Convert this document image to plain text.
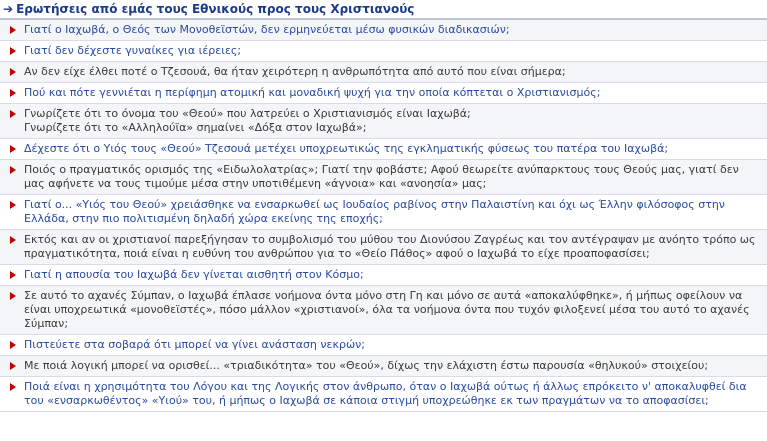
➔ Ερωτήσεις από εμάς τους Εθνικούς προς τους Χριστιανούς
Γιατί ο Ιαχωβά, ο Θεός των Μονοθεϊστών, δεν ερμηνεύεται μέσω φυσικών διαδικασιών;
Γιατί δεν δέχεστε γυναίκες για ιέρειες;
Αν δεν είχε έλθει ποτέ ο Τζεσουά, θα ήταν χειρότερη η ανθρωπότητα από αυτό που είναι σήμερα;
Πού και πότε γεννιέται η περίφημη ατομική και μοναδική ψυχή για την οποία κόπτεται ο Χριστιανισμός;
Γνωρίζετε ότι το όνομα του «Θεού» που λατρεύει ο Χριστιανισμός είναι Ιαχωβά;
Γνωρίζετε ότι το «Αλληλούϊα» σημαίνει «Δόξα στον Ιαχωβά»;
Δέχεστε ότι ο Υιός τους «Θεού» Τζεσουά μετέχει υποχρεωτικώς της εγκληματικής φύσεως του πατέρα του Ιαχωβά;
Ποιός ο πραγματικός ορισμός της «Ειδωλολατρίας»; Γιατί την φοβάστε; Αφού θεωρείτε ανύπαρκτους τους Θεούς μας, γιατί δεν μας αφήνετε να τους τιμούμε μέσα στην υποτιθέμενη «άγνοια» και «ανοησία» μας;
Γιατί ο... «Υιός του Θεού» χρειάσθηκε να ενσαρκωθεί ως Ιουδαίος ραβίνος στην Παλαιστίνη και όχι ως Έλλην φιλόσοφος στην Ελλάδα, στην πιο πολιτισμένη δηλαδή χώρα εκείνης της εποχής;
Εκτός και αν οι χριστιανοί παρεξήγησαν το συμβολισμό του μύθου του Διονύσου Ζαγρέως και τον αντέγραψαν με ανόητο τρόπο ως πραγματικότητα, ποιά είναι η ευθύνη του ανθρώπου για το «Θείο Πάθος» αφού ο Ιαχωβά το είχε προαποφασίσει;
Γιατί η απουσία του Ιαχωβά δεν γίνεται αισθητή στον Κόσμο;
Σε αυτό το αχανές Σύμπαν, ο Ιαχωβά έπλασε νοήμονα όντα μόνο στη Γη και μόνο σε αυτά «αποκαλύφθηκε», ή μήπως οφείλουν να είναι υποχρεωτικά «μονοθεϊστές», πόσο μάλλον «χριστιανοί», όλα τα νοήμονα όντα που τυχόν φιλοξενεί μέσα του αυτό το αχανές Σύμπαν;
Πιστεύετε στα σοβαρά ότι μπορεί να γίνει ανάσταση νεκρών;
Με ποιά λογική μπορεί να ορισθεί... «τριαδικότητα» του «Θεού», δίχως την ελάχιστη έστω παρουσία «θηλυκού» στοιχείου;
Ποιά είναι η χρησιμότητα του Λόγου και της Λογικής στον άνθρωπο, όταν ο Ιαχωβά ούτως ή άλλως επρόκειτο ν' αποκαλυφθεί δια του «ενσαρκωθέντος» «Υιού» του, ή μήπως ο Ιαχωβά σε κάποια στιγμή υποχρεώθηκε εκ των πραγμάτων να το αποφασίσει;
